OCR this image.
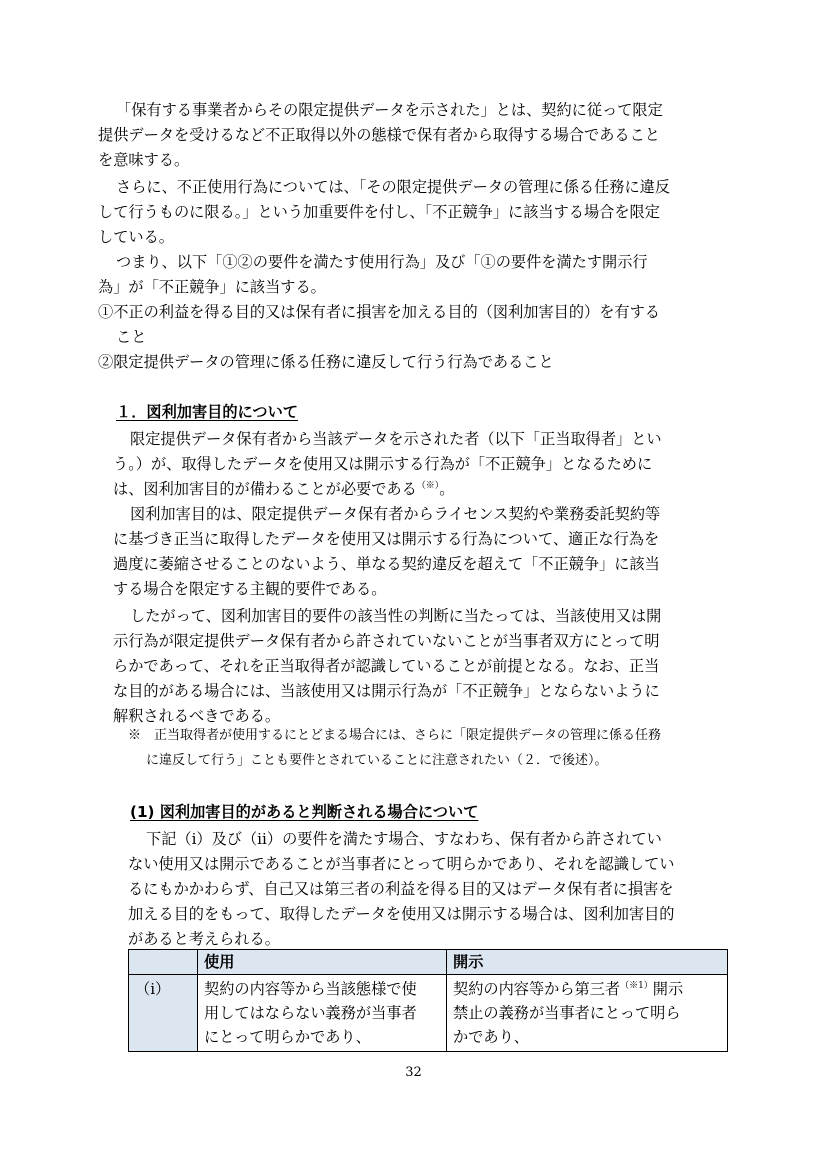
「保有する事業者からその限定提供データを示された」とは、契約に従って限定
提供データを受けるなど不正取得以外の態様で保有者から取得する場合であること
を意味する。
さらに、不正使用行為については、「その限定提供データの管理に係る任務に違反
して行うものに限る。」という加重要件を付し、「不正競争」に該当する場合を限定
している。
つまり、以下「①②の要件を満たす使用行為」及び「①の要件を満たす開示行
為」が「不正競争」に該当する。
①不正の利益を得る目的又は保有者に損害を加える目的（図利加害目的）を有する
こと
②限定提供データの管理に係る任務に違反して行う行為であること
１．図利加害目的について
限定提供データ保有者から当該データを示された者（以下「正当取得者」とい
う。）が、取得したデータを使用又は開示する行為が「不正競争」となるために
は、図利加害目的が備わることが必要である（※）。
図利加害目的は、限定提供データ保有者からライセンス契約や業務委託契約等
に基づき正当に取得したデータを使用又は開示する行為について、適正な行為を
過度に萎縮させることのないよう、単なる契約違反を超えて「不正競争」に該当
する場合を限定する主観的要件である。
したがって、図利加害目的要件の該当性の判断に当たっては、当該使用又は開
示行為が限定提供データ保有者から許されていないことが当事者双方にとって明
らかであって、それを正当取得者が認識していることが前提となる。なお、正当
な目的がある場合には、当該使用又は開示行為が「不正競争」とならないように
解釈されるべきである。
※　正当取得者が使用するにとどまる場合には、さらに「限定提供データの管理に係る任務
に違反して行う」ことも要件とされていることに注意されたい（２．で後述）。
(1) 図利加害目的があると判断される場合について
下記（ⅰ）及び（ⅱ）の要件を満たす場合、すなわち、保有者から許されてい
ない使用又は開示であることが当事者にとって明らかであり、それを認識してい
るにもかかわらず、自己又は第三者の利益を得る目的又はデータ保有者に損害を
加える目的をもって、取得したデータを使用又は開示する場合は、図利加害目的
があると考えられる。
	使用	開示
（ⅰ）	契約の内容等から当該態様で使
用してはならない義務が当事者
にとって明らかであり、	契約の内容等から第三者$^{(※1)}$開示
禁止の義務が当事者にとって明ら
かであり、
32
